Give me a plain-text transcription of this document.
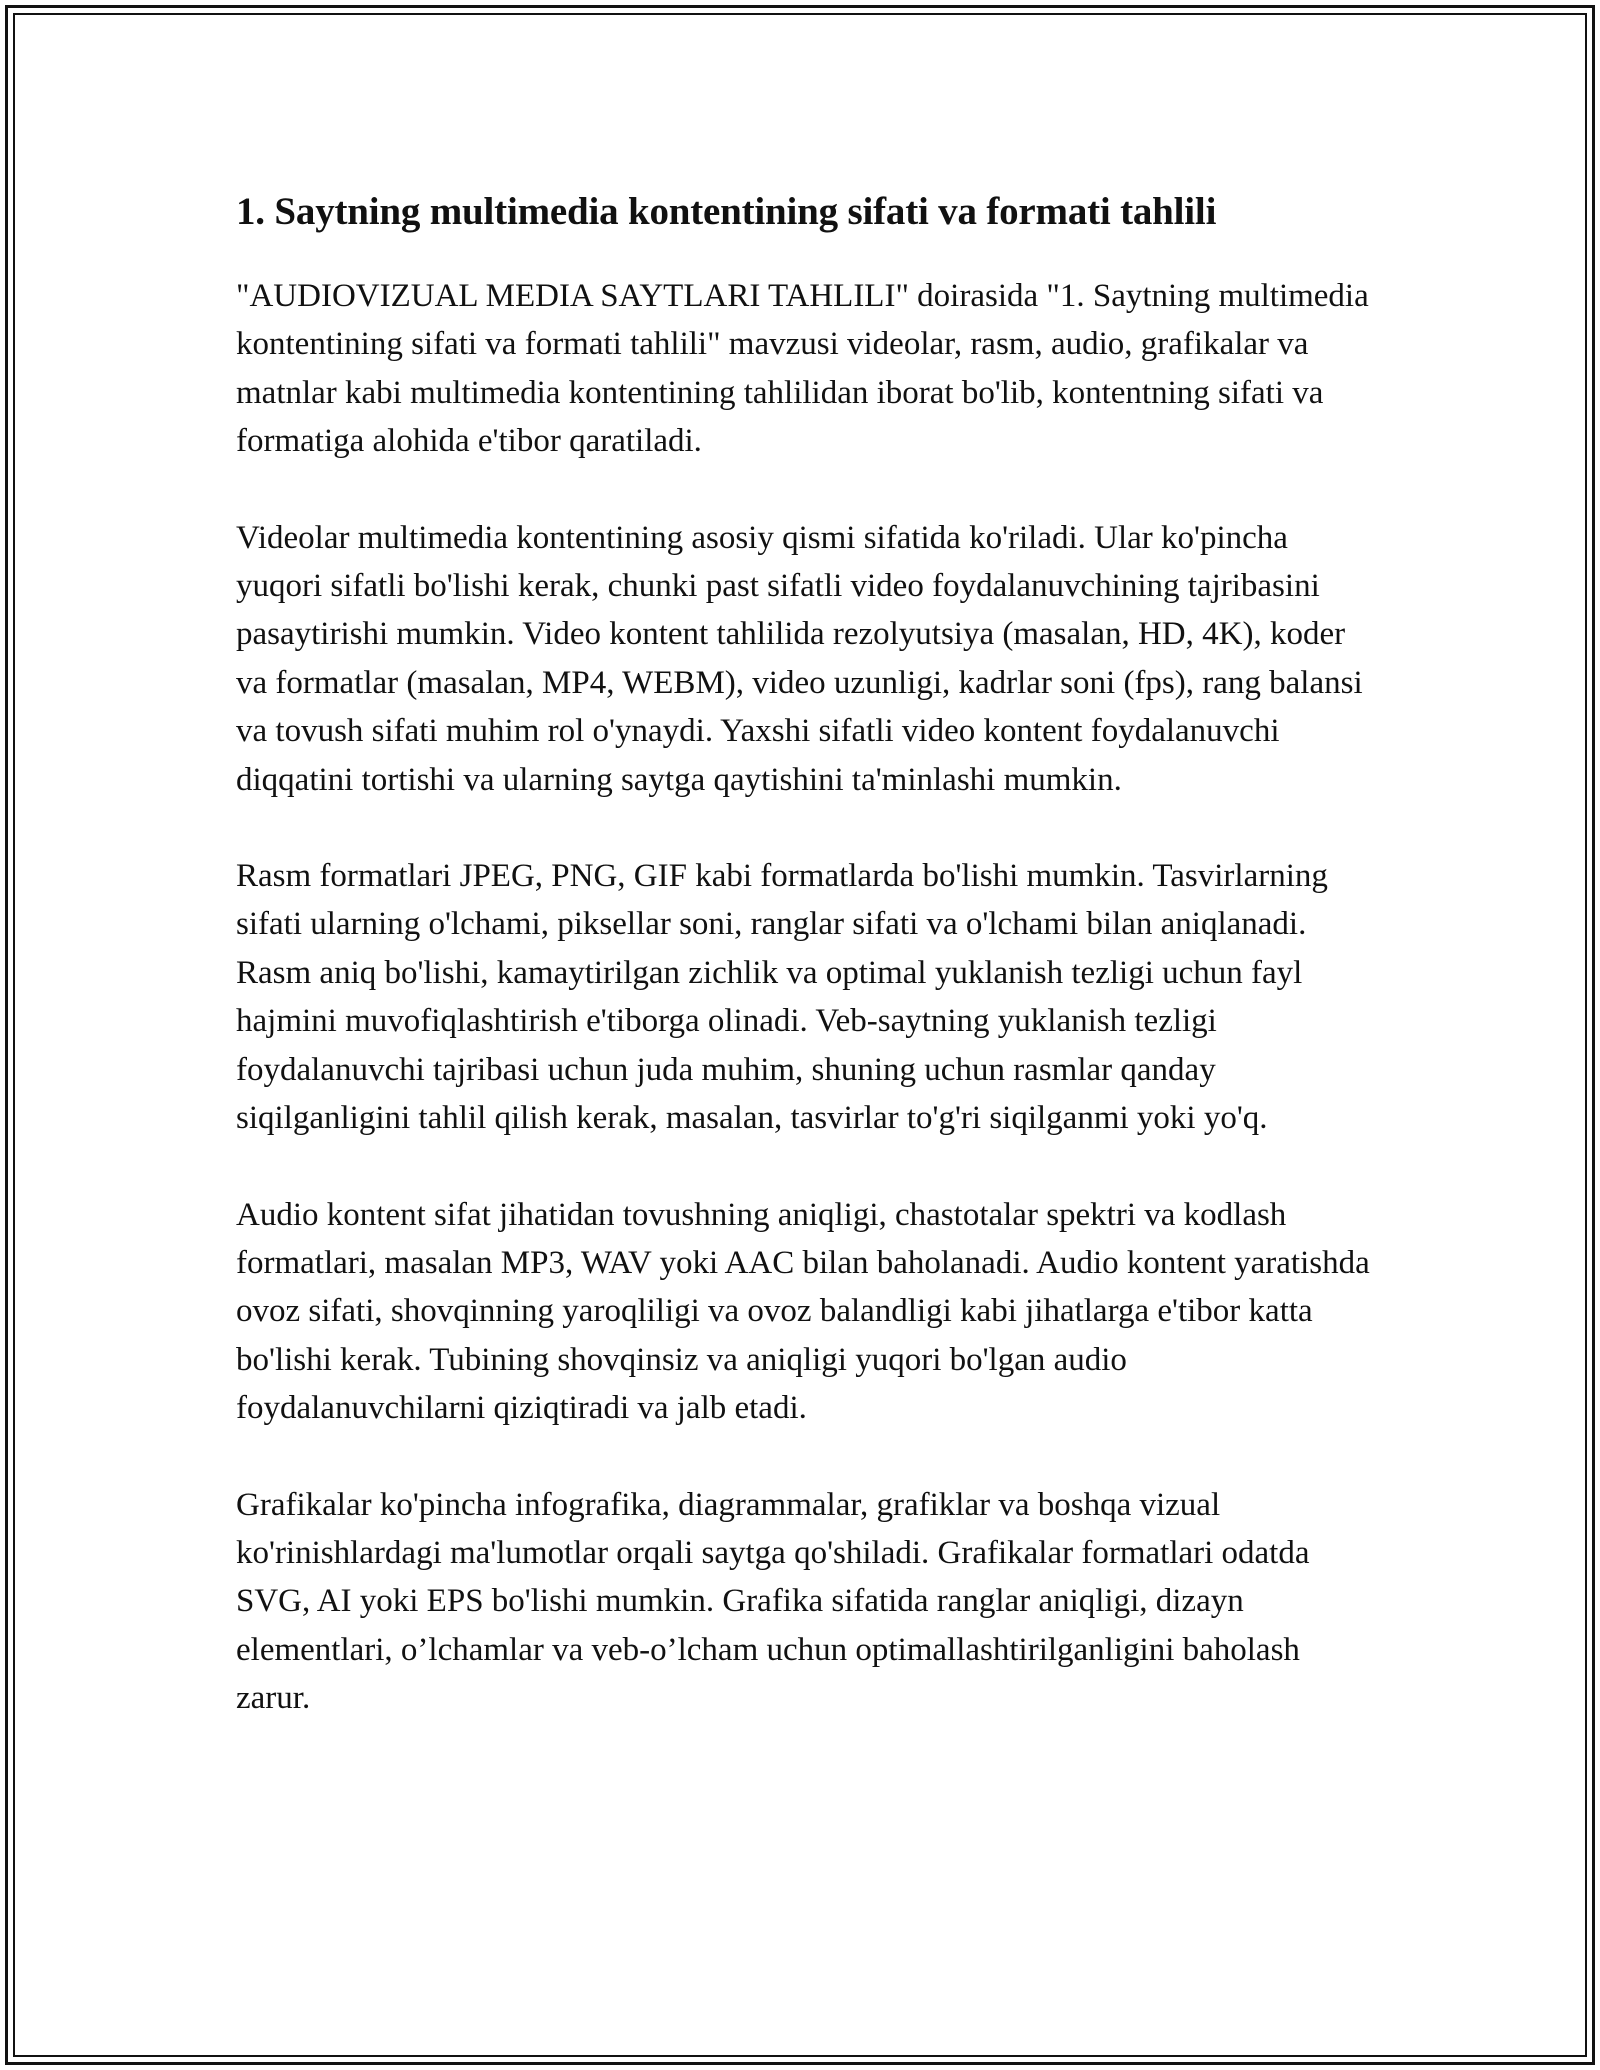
1. Saytning multimedia kontentining sifati va formati tahlili

"AUDIOVIZUAL MEDIA SAYTLARI TAHLILI" doirasida "1. Saytning multimedia kontentining sifati va formati tahlili" mavzusi videolar, rasm, audio, grafikalar va matnlar kabi multimedia kontentining tahlilidan iborat bo'lib, kontentning sifati va formatiga alohida e'tibor qaratiladi.

Videolar multimedia kontentining asosiy qismi sifatida ko'riladi. Ular ko'pincha yuqori sifatli bo'lishi kerak, chunki past sifatli video foydalanuvchining tajribasini pasaytirishi mumkin. Video kontent tahlilida rezolyutsiya (masalan, HD, 4K), koder va formatlar (masalan, MP4, WEBM), video uzunligi, kadrlar soni (fps), rang balansi va tovush sifati muhim rol o'ynaydi. Yaxshi sifatli video kontent foydalanuvchi diqqatini tortishi va ularning saytga qaytishini ta'minlashi mumkin.

Rasm formatlari JPEG, PNG, GIF kabi formatlarda bo'lishi mumkin. Tasvirlarning sifati ularning o'lchami, piksellar soni, ranglar sifati va o'lchami bilan aniqlanadi. Rasm aniq bo'lishi, kamaytirilgan zichlik va optimal yuklanish tezligi uchun fayl hajmini muvofiqlashtirish e'tiborga olinadi. Veb-saytning yuklanish tezligi foydalanuvchi tajribasi uchun juda muhim, shuning uchun rasmlar qanday siqilganligini tahlil qilish kerak, masalan, tasvirlar to'g'ri siqilganmi yoki yo'q.

Audio kontent sifat jihatidan tovushning aniqligi, chastotalar spektri va kodlash formatlari, masalan MP3, WAV yoki AAC bilan baholanadi. Audio kontent yaratishda ovoz sifati, shovqinning yaroqliligi va ovoz balandligi kabi jihatlarga e'tibor katta bo'lishi kerak. Tubining shovqinsiz va aniqligi yuqori bo'lgan audio foydalanuvchilarni qiziqtiradi va jalb etadi.

Grafikalar ko'pincha infografika, diagrammalar, grafiklar va boshqa vizual ko'rinishlardagi ma'lumotlar orqali saytga qo'shiladi. Grafikalar formatlari odatda SVG, AI yoki EPS bo'lishi mumkin. Grafika sifatida ranglar aniqligi, dizayn elementlari, o’lchamlar va veb-o’lcham uchun optimallashtirilganligini baholash zarur.
